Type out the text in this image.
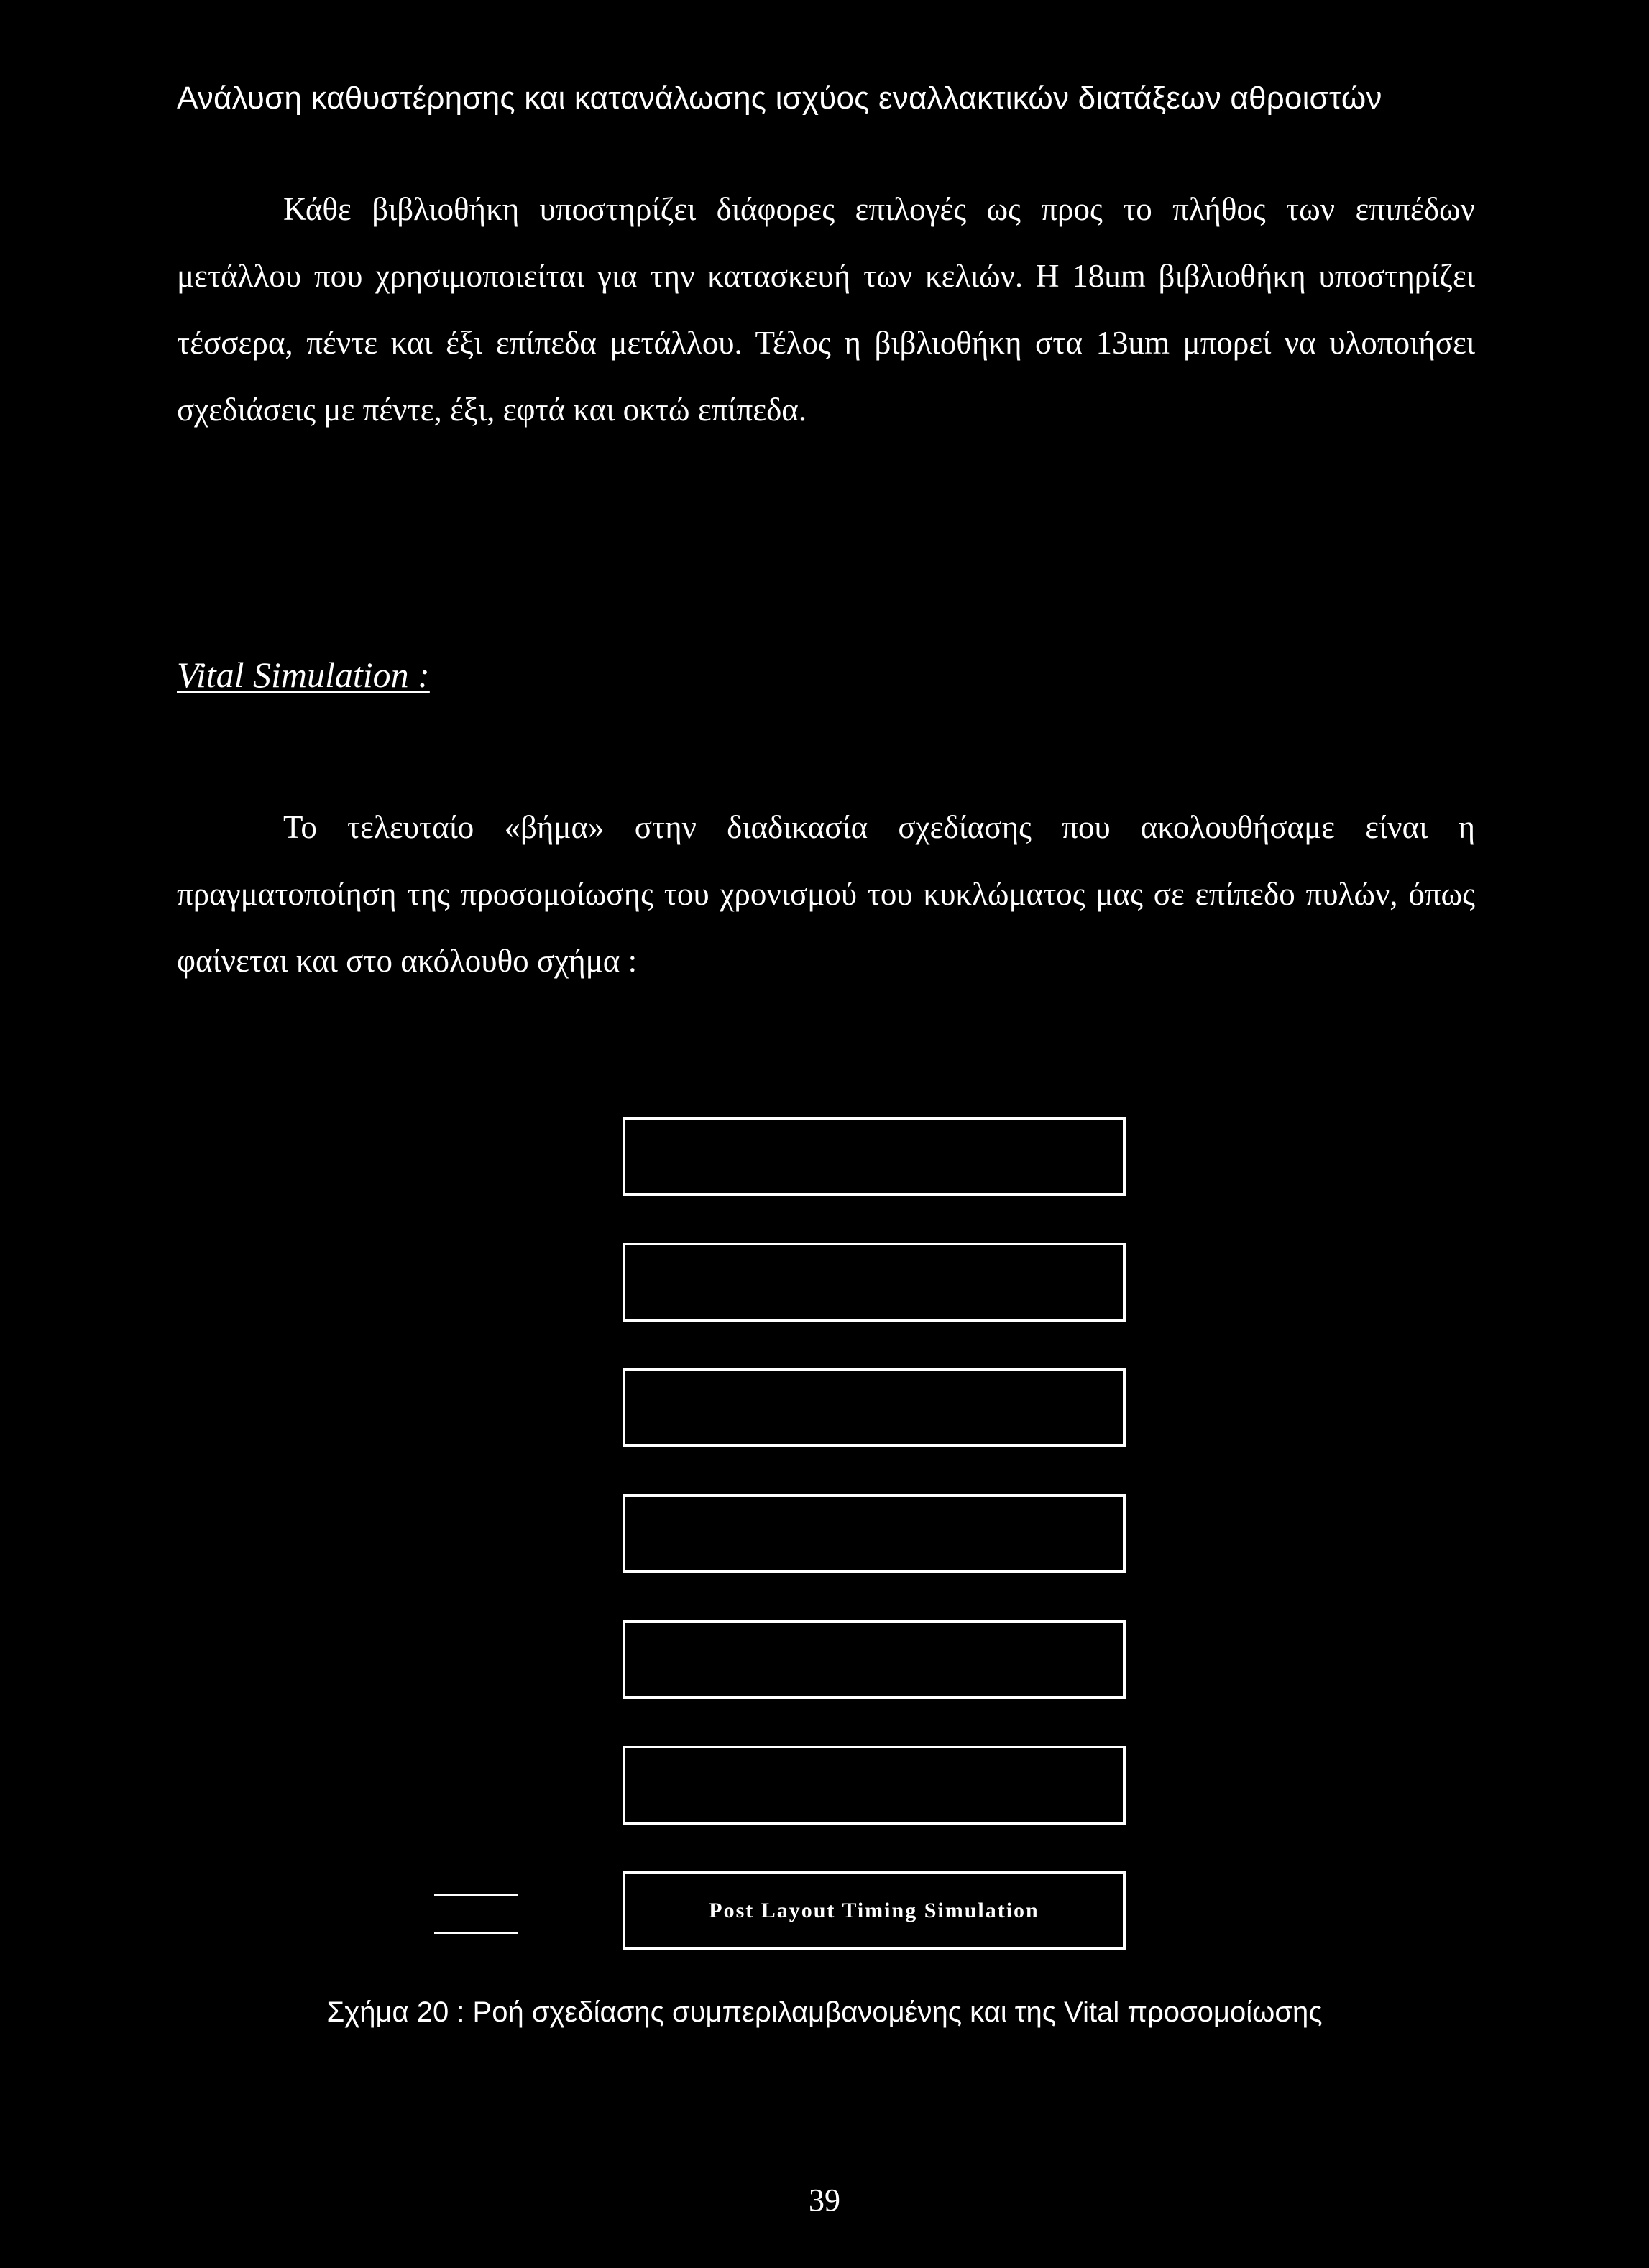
Ανάλυση καθυστέρησης και κατανάλωσης ισχύος εναλλακτικών διατάξεων αθροιστών
Κάθε βιβλιοθήκη υποστηρίζει διάφορες επιλογές ως προς το πλήθος των επιπέδων μετάλλου που χρησιμοποιείται για την κατασκευή των κελιών. Η 18um βιβλιοθήκη υποστηρίζει τέσσερα, πέντε και έξι επίπεδα μετάλλου. Τέλος η βιβλιοθήκη στα 13um μπορεί να υλοποιήσει σχεδιάσεις με πέντε, έξι, εφτά και οκτώ επίπεδα.
Vital Simulation :
Το τελευταίο «βήμα» στην διαδικασία σχεδίασης που ακολουθήσαμε είναι η πραγματοποίηση της προσομοίωσης του χρονισμού του κυκλώματος μας σε επίπεδο πυλών, όπως φαίνεται και στο ακόλουθο σχήμα :
Post Layout Timing Simulation
Σχήμα 20 : Ροή σχεδίασης συμπεριλαμβανομένης και της Vital προσομοίωσης
39
